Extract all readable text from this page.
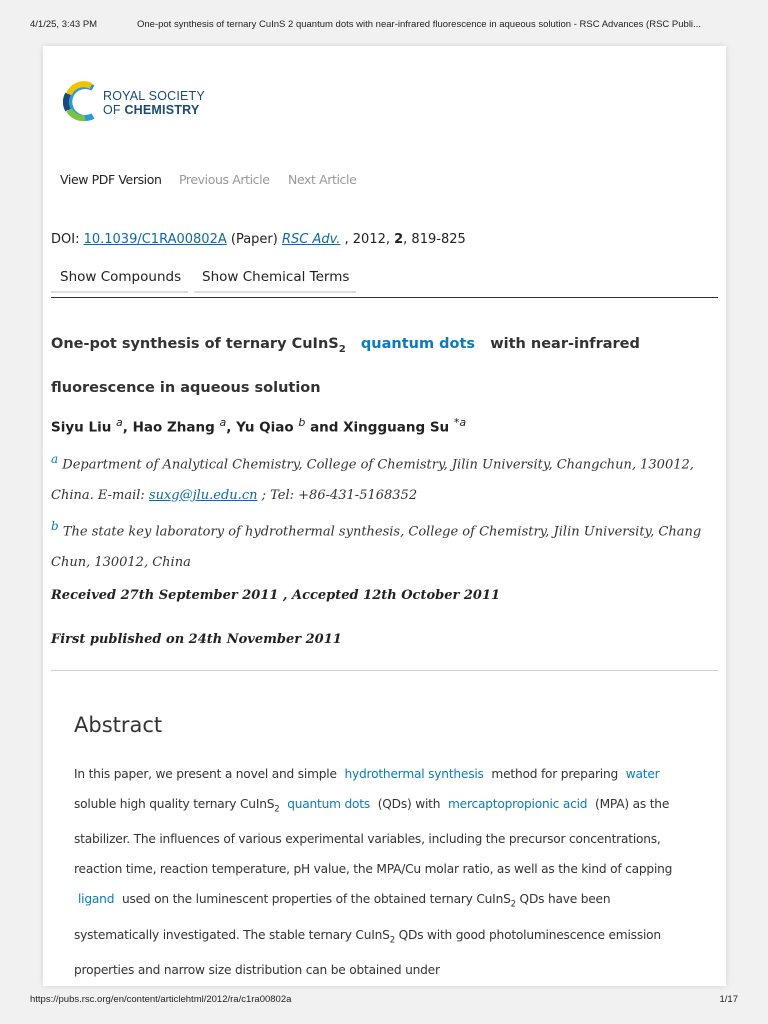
4/1/25, 3:43 PM	One-pot synthesis of ternary CuInS 2 quantum dots with near-infrared fluorescence in aqueous solution - RSC Advances (RSC Publi...
ROYAL SOCIETY
OF CHEMISTRY
View PDF Version Previous Article Next Article
DOI: 10.1039/C1RA00802A (Paper) RSC Adv. , 2012, 2, 819-825
Show Compounds	Show Chemical Terms
One-pot synthesis of ternary CuInS$_2$ quantum dots with near-infrared fluorescence in aqueous solution
Siyu Liu $^a$, Hao Zhang $^a$, Yu Qiao $^b$ and Xingguang Su $^{*a}$
$^a$ Department of Analytical Chemistry, College of Chemistry, Jilin University, Changchun, 130012, China. E-mail: suxg@jlu.edu.cn ; Tel: +86-431-5168352
$^b$ The state key laboratory of hydrothermal synthesis, College of Chemistry, Jilin University, Chang Chun, 130012, China
Received 27th September 2011 , Accepted 12th October 2011
First published on 24th November 2011
Abstract
In this paper, we present a novel and simple hydrothermal synthesis method for preparing water soluble high quality ternary CuInS$_2$ quantum dots (QDs) with mercaptopropionic acid (MPA) as the stabilizer. The influences of various experimental variables, including the precursor concentrations, reaction time, reaction temperature, pH value, the MPA/Cu molar ratio, as well as the kind of capping ligand used on the luminescent properties of the obtained ternary CuInS$_2$ QDs have been systematically investigated. The stable ternary CuInS$_2$ QDs with good photoluminescence emission properties and narrow size distribution can be obtained under
https://pubs.rsc.org/en/content/articlehtml/2012/ra/c1ra00802a	1/17
